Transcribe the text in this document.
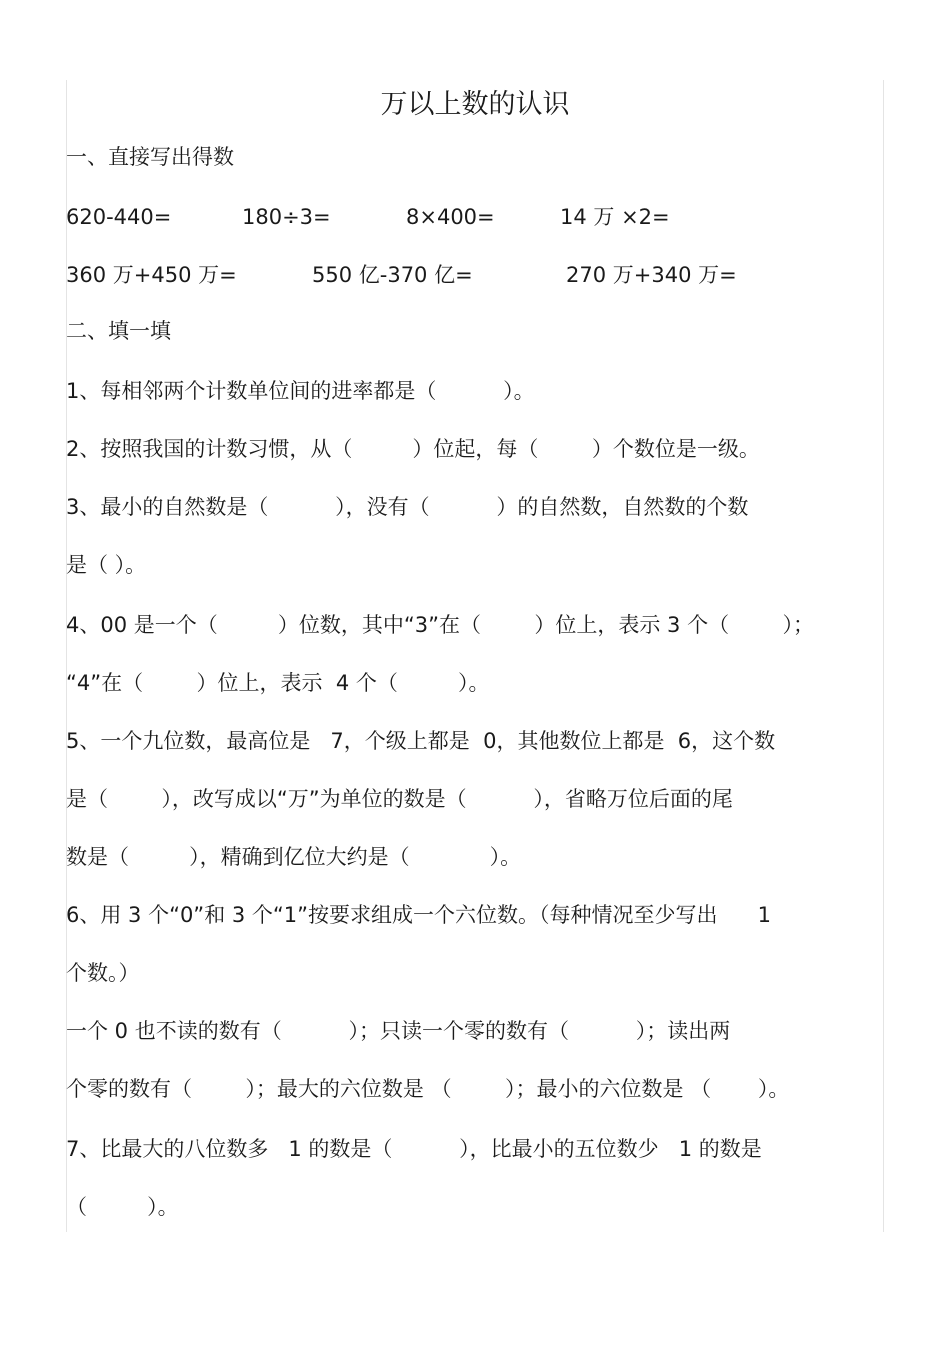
万以上数的认识
一、直接写出得数
620-440=	180÷3=	8×400=	14 万 ×2=
360 万+450 万=	550 亿-370 亿=	270 万+340 万=
二、填一填
1、每相邻两个计数单位间的进率都是（          ）。
2、按照我国的计数习惯，从（         ）位起，每（        ）个数位是一级。
3、最小的自然数是（          ），没有（          ）的自然数，自然数的个数
是（ ）。
4、00 是一个（         ）位数，其中“3”在（        ）位上，表示 3 个（        ）；
“4”在（        ）位上，表示  4 个（         ）。
5、一个九位数，最高位是   7，个级上都是  0，其他数位上都是  6，这个数
是（        ），改写成以“万”为单位的数是（          ），省略万位后面的尾
数是（         ），精确到亿位大约是（            ）。
6、用 3 个“0”和 3 个“1”按要求组成一个六位数。（每种情况至少写出      1
个数。）
一个 0 也不读的数有（          ）；只读一个零的数有（          ）；读出两
个零的数有（        ）；最大的六位数是 （        ）；最小的六位数是 （       ）。
7、比最大的八位数多   1 的数是（          ），比最小的五位数少   1 的数是
（         ）。
